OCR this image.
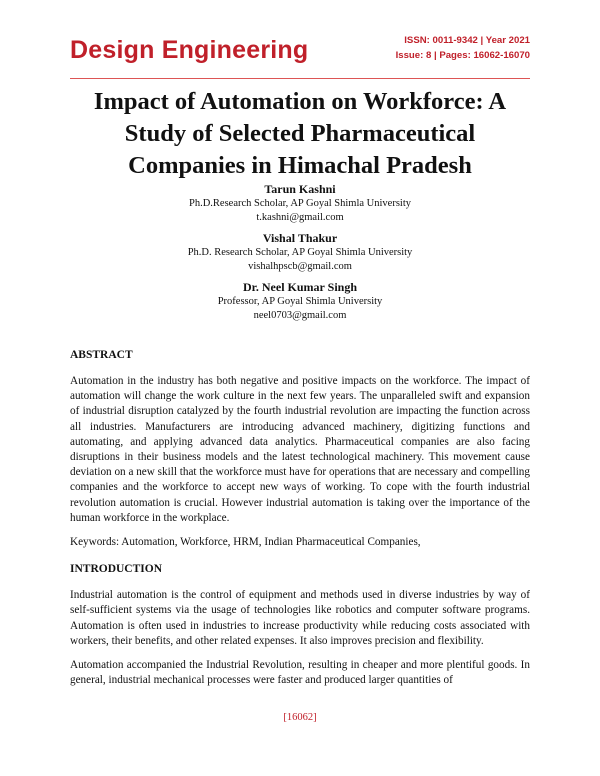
Design Engineering	ISSN: 0011-9342 | Year 2021
Issue: 8 | Pages: 16062-16070
Impact of Automation on Workforce: A Study of Selected Pharmaceutical Companies in Himachal Pradesh
Tarun Kashni
Ph.D.Research Scholar, AP Goyal Shimla University
t.kashni@gmail.com
Vishal Thakur
Ph.D. Research Scholar, AP Goyal Shimla University
vishalhpscb@gmail.com
Dr. Neel Kumar Singh
Professor, AP Goyal Shimla University
neel0703@gmail.com
ABSTRACT

Automation in the industry has both negative and positive impacts on the workforce. The impact of automation will change the work culture in the next few years. The unparalleled swift and expansion of industrial disruption catalyzed by the fourth industrial revolution are impacting the function across all industries. Manufacturers are introducing advanced machinery, digitizing functions and automating, and applying advanced data analytics. Pharmaceutical companies are also facing disruptions in their business models and the latest technological machinery. This movement cause deviation on a new skill that the workforce must have for operations that are necessary and compelling companies and the workforce to accept new ways of working. To cope with the fourth industrial revolution automation is crucial. However industrial automation is taking over the importance of the human workforce in the workplace.

Keywords: Automation, Workforce, HRM, Indian Pharmaceutical Companies,

INTRODUCTION

Industrial automation is the control of equipment and methods used in diverse industries by way of self-sufficient systems via the usage of technologies like robotics and computer software programs. Automation is often used in industries to increase productivity while reducing costs associated with workers, their benefits, and other related expenses. It also improves precision and flexibility.

Automation accompanied the Industrial Revolution, resulting in cheaper and more plentiful goods. In general, industrial mechanical processes were faster and produced larger quantities of

[16062]
